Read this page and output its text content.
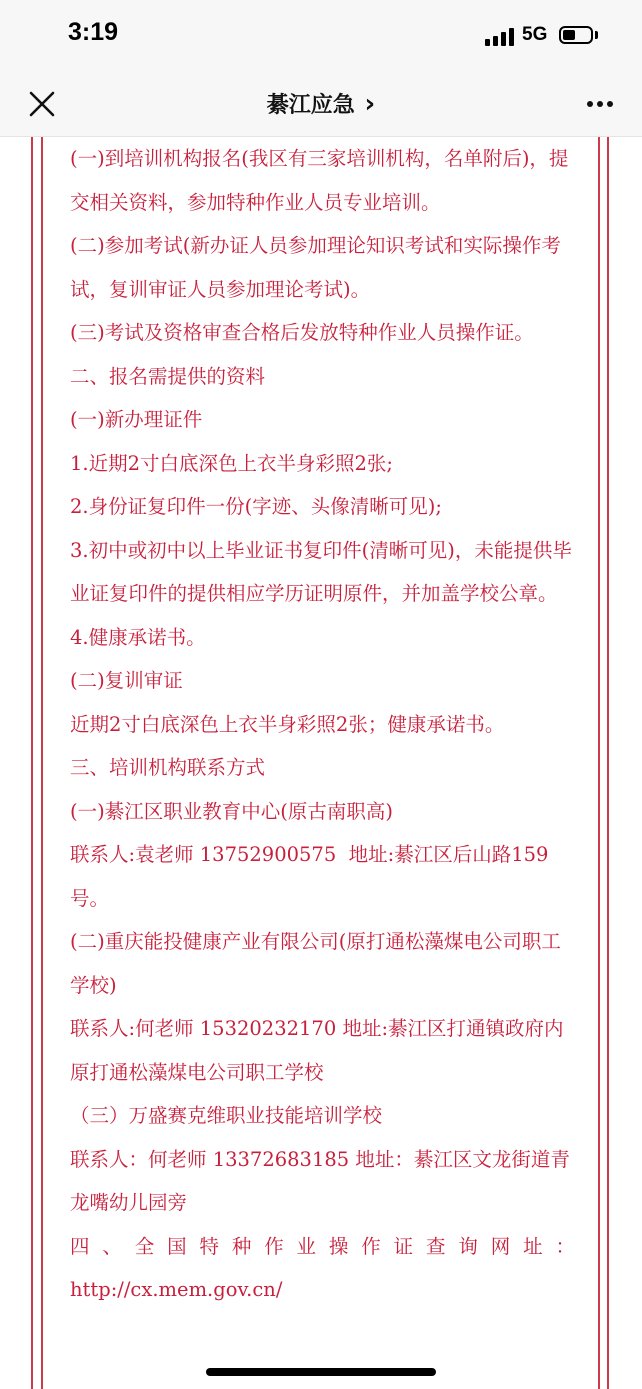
3:19	5G
綦江应急 ›

(一)到培训机构报名(我区有三家培训机构，名单附后)，提交相关资料，参加特种作业人员专业培训。

(二)参加考试(新办证人员参加理论知识考试和实际操作考试，复训审证人员参加理论考试)。

(三)考试及资格审查合格后发放特种作业人员操作证。

二、报名需提供的资料

(一)新办理证件

1.近期2寸白底深色上衣半身彩照2张;

2.身份证复印件一份(字迹、头像清晰可见);

3.初中或初中以上毕业证书复印件(清晰可见)，未能提供毕业证复印件的提供相应学历证明原件，并加盖学校公章。

4.健康承诺书。

(二)复训审证

近期2寸白底深色上衣半身彩照2张；健康承诺书。

三、培训机构联系方式

(一)綦江区职业教育中心(原古南职高)

联系人:袁老师 13752900575  地址:綦江区后山路159号。

(二)重庆能投健康产业有限公司(原打通松藻煤电公司职工学校)

联系人:何老师 15320232170 地址:綦江区打通镇政府内原打通松藻煤电公司职工学校

（三）万盛赛克维职业技能培训学校

联系人：何老师 13372683185 地址：綦江区文龙街道青龙嘴幼儿园旁

四、全国特种作业操作证查询网址：

http://cx.mem.gov.cn/
